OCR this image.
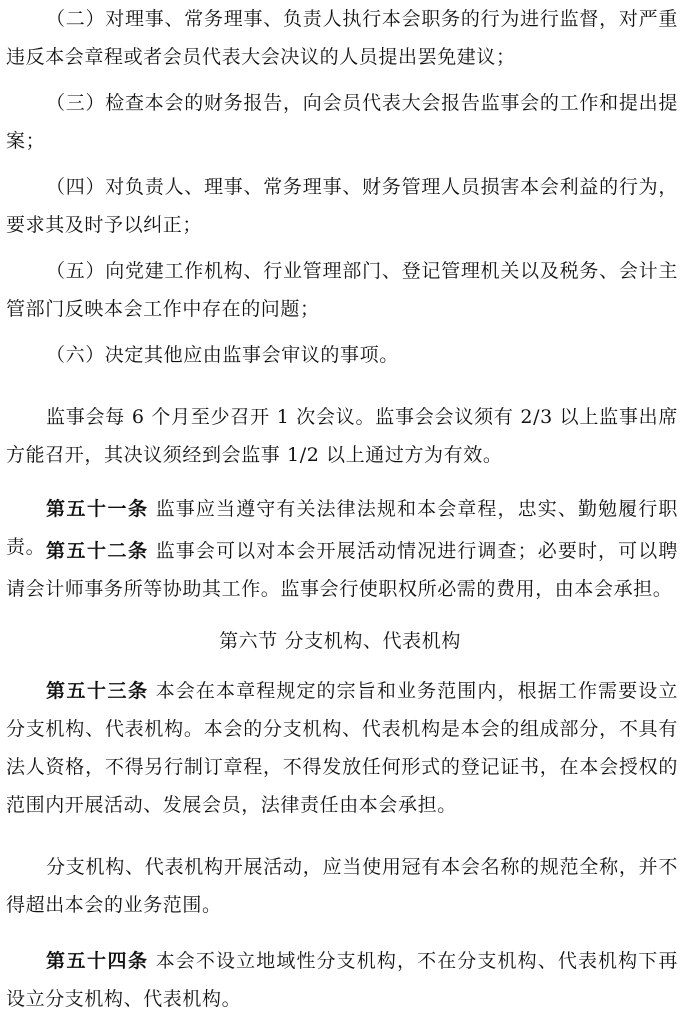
（二）对理事、常务理事、负责人执行本会职务的行为进行监督，对严重违反本会章程或者会员代表大会决议的人员提出罢免建议；

（三）检查本会的财务报告，向会员代表大会报告监事会的工作和提出提案；

（四）对负责人、理事、常务理事、财务管理人员损害本会利益的行为，要求其及时予以纠正；

（五）向党建工作机构、行业管理部门、登记管理机关以及税务、会计主管部门反映本会工作中存在的问题；

（六）决定其他应由监事会审议的事项。

监事会每 6 个月至少召开 1 次会议。监事会会议须有 2/3 以上监事出席方能召开，其决议须经到会监事 1/2 以上通过方为有效。

第五十一条 监事应当遵守有关法律法规和本会章程，忠实、勤勉履行职责。 第五十二条 监事会可以对本会开展活动情况进行调查；必要时，可以聘请会计师事务所等协助其工作。监事会行使职权所必需的费用，由本会承担。

第六节 分支机构、代表机构

第五十三条 本会在本章程规定的宗旨和业务范围内，根据工作需要设立分支机构、代表机构。本会的分支机构、代表机构是本会的组成部分，不具有法人资格，不得另行制订章程，不得发放任何形式的登记证书，在本会授权的范围内开展活动、发展会员，法律责任由本会承担。

分支机构、代表机构开展活动，应当使用冠有本会名称的规范全称，并不得超出本会的业务范围。

第五十四条 本会不设立地域性分支机构，不在分支机构、代表机构下再设立分支机构、代表机构。
